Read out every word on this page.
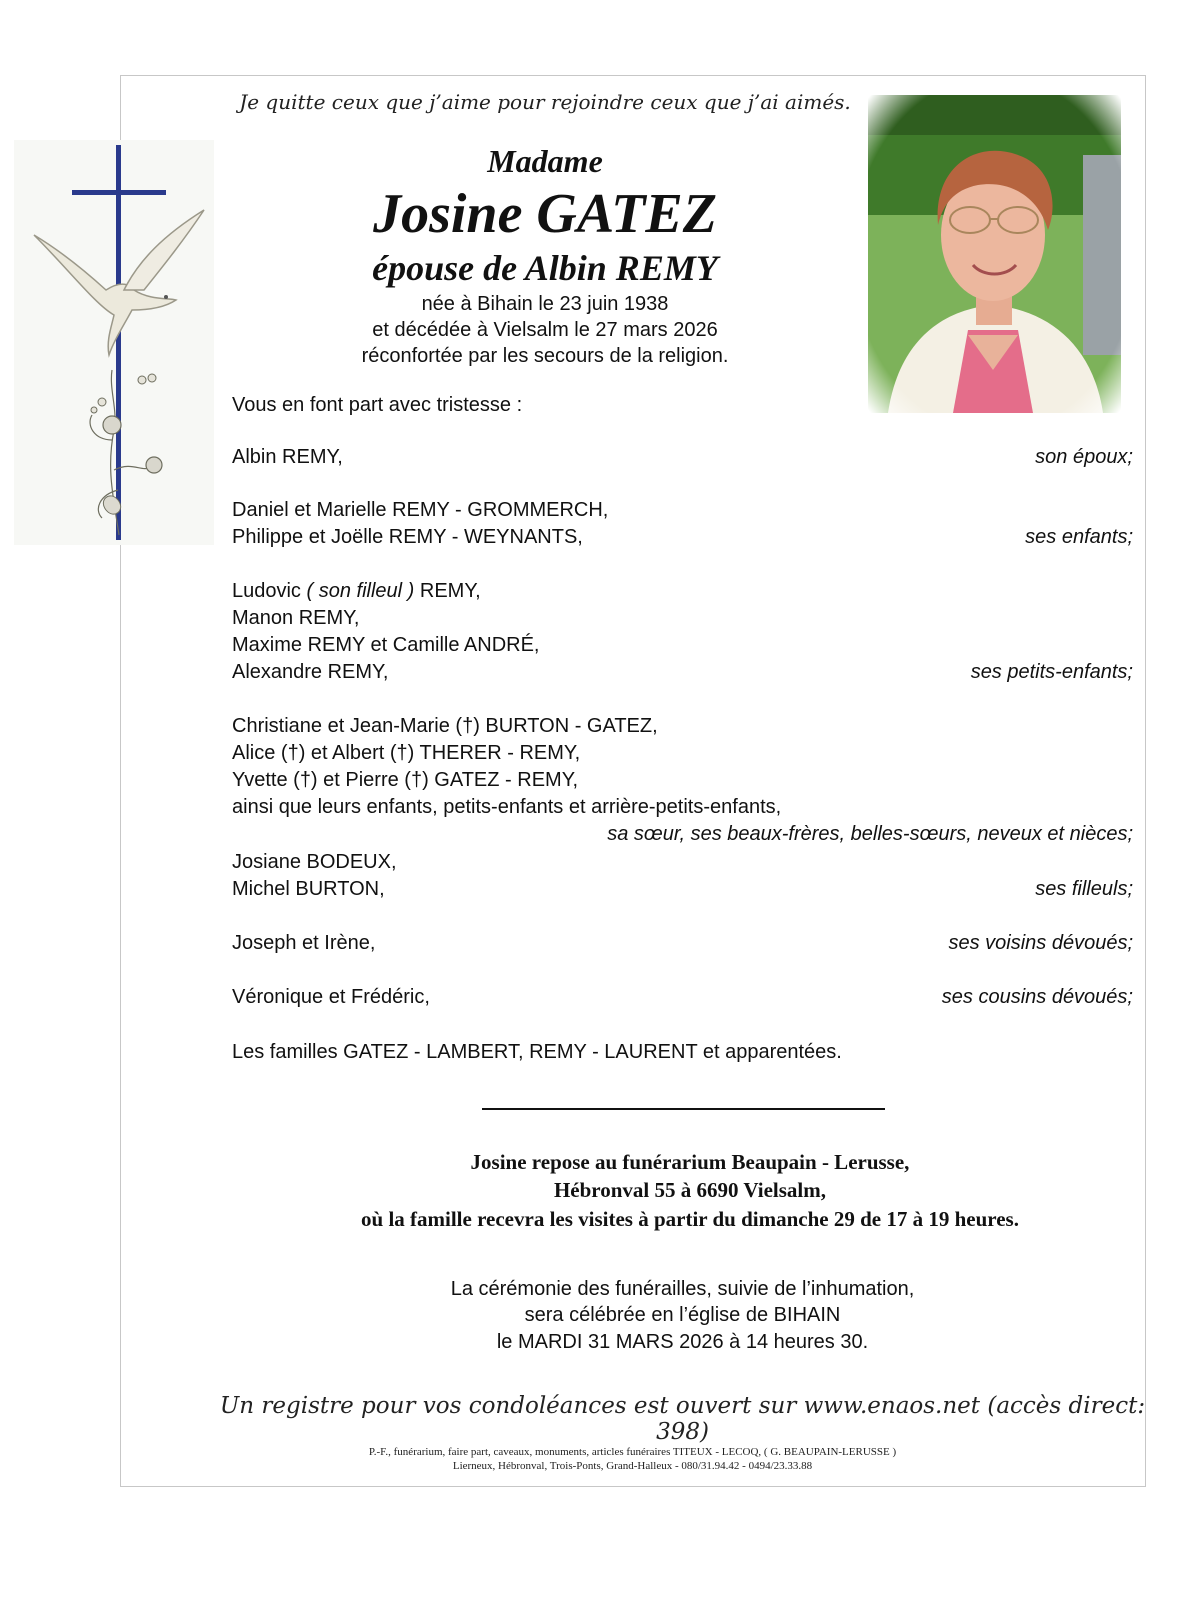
Je quitte ceux que j’aime pour rejoindre ceux que j’ai aimés.
Madame
Josine GATEZ
épouse de Albin REMY
née à Bihain le 23 juin 1938
et décédée à Vielsalm le 27 mars 2026
réconfortée par les secours de la religion.
Vous en font part avec tristesse :
Albin REMY,	son époux;
Daniel et Marielle REMY - GROMMERCH,
Philippe et Joëlle REMY - WEYNANTS,	ses enfants;
Ludovic ( son filleul ) REMY,
Manon REMY,
Maxime REMY et Camille ANDRÉ,
Alexandre REMY,	ses petits-enfants;
Christiane et Jean-Marie (†) BURTON - GATEZ,
Alice (†) et Albert (†) THERER - REMY,
Yvette (†) et Pierre (†) GATEZ - REMY,
ainsi que leurs enfants, petits-enfants et arrière-petits-enfants,
sa sœur, ses beaux-frères, belles-sœurs, neveux et nièces;
Josiane BODEUX,
Michel BURTON,	ses filleuls;
Joseph et Irène,	ses voisins dévoués;
Véronique et Frédéric,	ses cousins dévoués;
Les familles GATEZ - LAMBERT, REMY - LAURENT et apparentées.
Josine repose au funérarium Beaupain - Lerusse,
Hébronval 55 à 6690 Vielsalm,
où la famille recevra les visites à partir du dimanche 29 de 17 à 19 heures.
La cérémonie des funérailles, suivie de l’inhumation,
sera célébrée en l’église de BIHAIN
le MARDI 31 MARS 2026 à 14 heures 30.
Un registre pour vos condoléances est ouvert sur www.enaos.net (accès direct: 398)
P.-F., funérarium, faire part, caveaux, monuments, articles funéraires TITEUX - LECOQ, ( G. BEAUPAIN-LERUSSE )
Lierneux, Hébronval, Trois-Ponts, Grand-Halleux - 080/31.94.42 - 0494/23.33.88
